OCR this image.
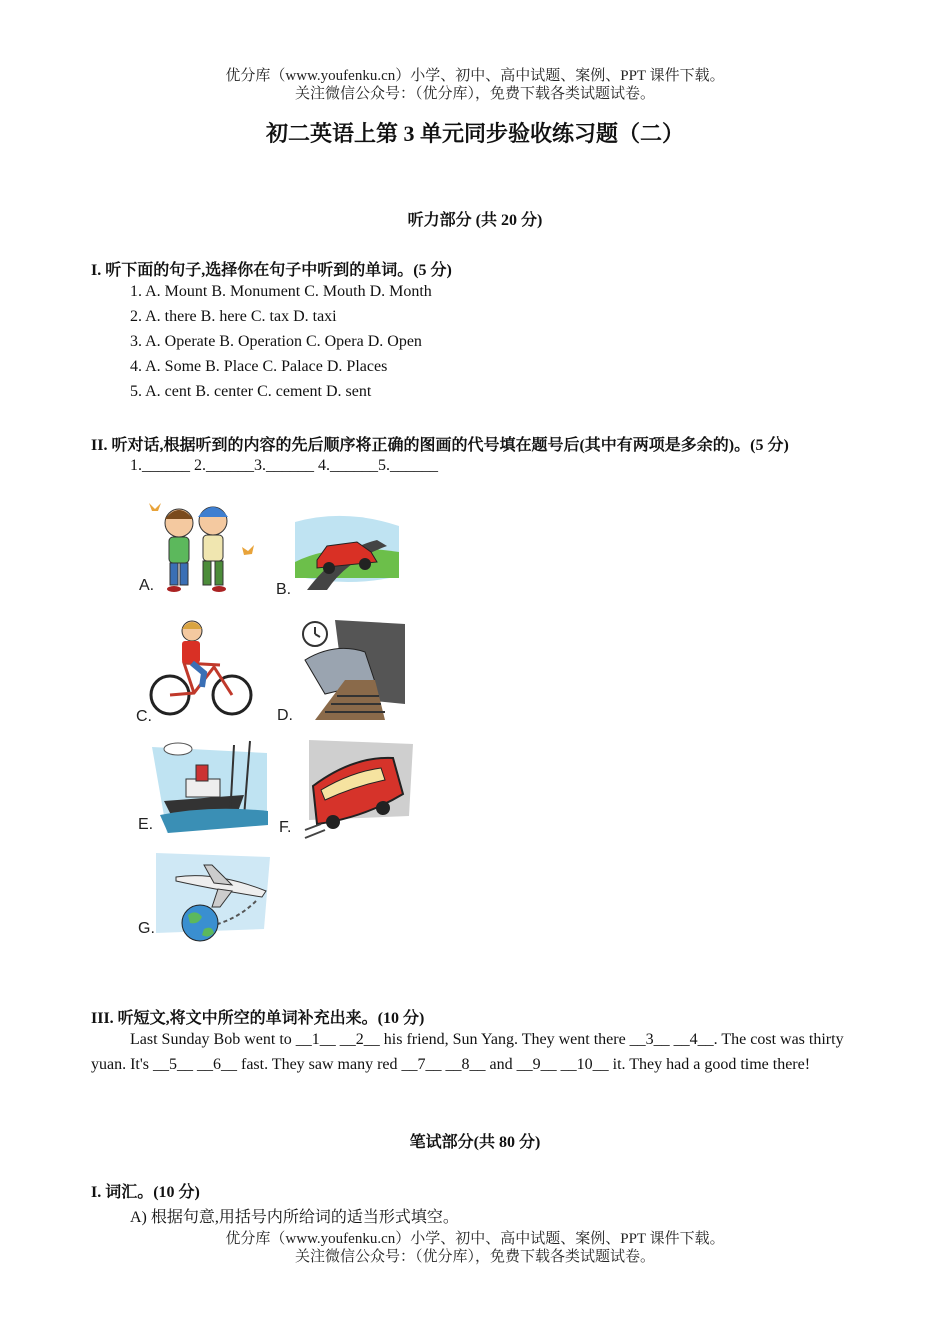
优分库（www.youfenku.cn）小学、初中、高中试题、案例、PPT 课件下载。
关注微信公众号：（优分库），免费下载各类试题试卷。
初二英语上第 3 单元同步验收练习题（二）
听力部分 (共 20 分)
I. 听下面的句子,选择你在句子中听到的单词。(5 分)
1. A. Mount B. Monument C. Mouth D. Month
2. A. there B. here C. tax D. taxi
3. A. Operate B. Operation C. Opera D. Open
4. A. Some B. Place C. Palace D. Places
5. A. cent B. center C. cement D. sent
II. 听对话,根据听到的内容的先后顺序将正确的图画的代号填在题号后(其中有两项是多余的)。(5 分)
1.______ 2.______3.______ 4.______5.______
A.	B.
C.	D.
E.	F.
G.
III. 听短文,将文中所空的单词补充出来。(10 分)
Last Sunday Bob went to __1__ __2__ his friend, Sun Yang. They went there __3__ __4__. The cost was thirty yuan. It's __5__ __6__ fast. They saw many red __7__ __8__ and __9__ __10__ it. They had a good time there!
笔试部分(共 80 分)
I. 词汇。(10 分)
A) 根据句意,用括号内所给词的适当形式填空。
优分库（www.youfenku.cn）小学、初中、高中试题、案例、PPT 课件下载。
关注微信公众号：（优分库），免费下载各类试题试卷。
